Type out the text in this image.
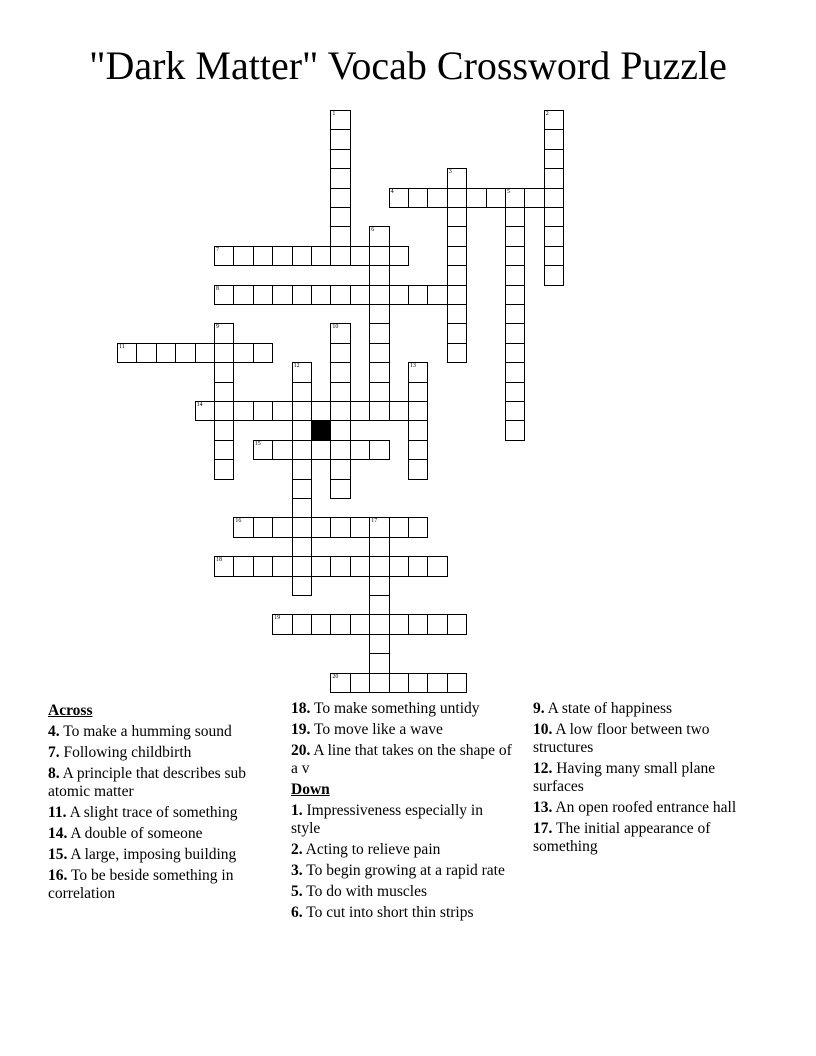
"Dark Matter" Vocab Crossword Puzzle
1	2
3
4	5
6
7
8
9	10
11
12	13
14
15
16	17
18
19
20
Across
4. To make a humming sound
7. Following childbirth
8. A principle that describes sub atomic matter
11. A slight trace of something
14. A double of someone
15. A large, imposing building
16. To be beside something in correlation
18. To make something untidy
19. To move like a wave
20. A line that takes on the shape of a v
Down
1. Impressiveness especially in style
2. Acting to relieve pain
3. To begin growing at a rapid rate
5. To do with muscles
6. To cut into short thin strips
9. A state of happiness
10. A low floor between two structures
12. Having many small plane surfaces
13. An open roofed entrance hall
17. The initial appearance of something
